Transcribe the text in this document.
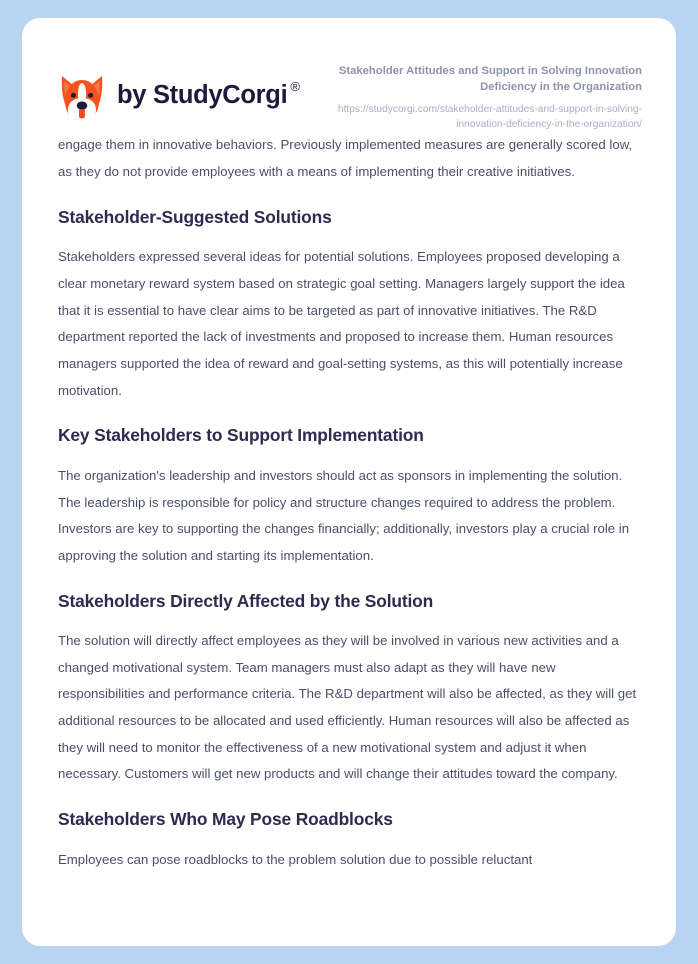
by StudyCorgi ®

Stakeholder Attitudes and Support in Solving Innovation Deficiency in the Organization

https://studycorgi.com/stakeholder-attitudes-and-support-in-solving-innovation-deficiency-in-the-organization/

engage them in innovative behaviors. Previously implemented measures are generally scored low, as they do not provide employees with a means of implementing their creative initiatives.

Stakeholder-Suggested Solutions

Stakeholders expressed several ideas for potential solutions. Employees proposed developing a clear monetary reward system based on strategic goal setting. Managers largely support the idea that it is essential to have clear aims to be targeted as part of innovative initiatives. The R&D department reported the lack of investments and proposed to increase them. Human resources managers supported the idea of reward and goal-setting systems, as this will potentially increase motivation.

Key Stakeholders to Support Implementation

The organization's leadership and investors should act as sponsors in implementing the solution. The leadership is responsible for policy and structure changes required to address the problem. Investors are key to supporting the changes financially; additionally, investors play a crucial role in approving the solution and starting its implementation.

Stakeholders Directly Affected by the Solution

The solution will directly affect employees as they will be involved in various new activities and a changed motivational system. Team managers must also adapt as they will have new responsibilities and performance criteria. The R&D department will also be affected, as they will get additional resources to be allocated and used efficiently. Human resources will also be affected as they will need to monitor the effectiveness of a new motivational system and adjust it when necessary. Customers will get new products and will change their attitudes toward the company.

Stakeholders Who May Pose Roadblocks

Employees can pose roadblocks to the problem solution due to possible reluctant
